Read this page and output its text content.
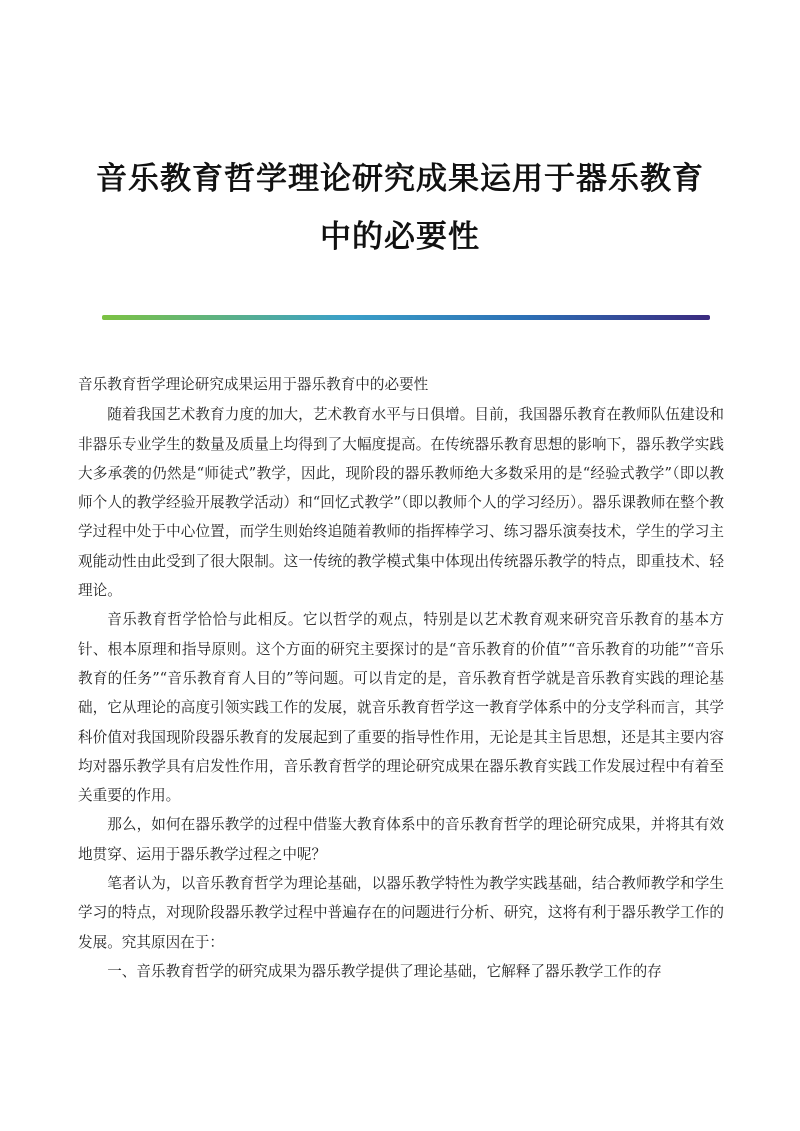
音乐教育哲学理论研究成果运用于器乐教育

中的必要性

音乐教育哲学理论研究成果运用于器乐教育中的必要性

随着我国艺术教育力度的加大，艺术教育水平与日俱增。目前，我国器乐教育在教师队伍建设和非器乐专业学生的数量及质量上均得到了大幅度提高。在传统器乐教育思想的影响下，器乐教学实践大多承袭的仍然是“师徒式”教学，因此，现阶段的器乐教师绝大多数采用的是“经验式教学”（即以教师个人的教学经验开展教学活动）和“回忆式教学”（即以教师个人的学习经历）。器乐课教师在整个教学过程中处于中心位置，而学生则始终追随着教师的指挥棒学习、练习器乐演奏技术，学生的学习主观能动性由此受到了很大限制。这一传统的教学模式集中体现出传统器乐教学的特点，即重技术、轻理论。

音乐教育哲学恰恰与此相反。它以哲学的观点，特别是以艺术教育观来研究音乐教育的基本方针、根本原理和指导原则。这个方面的研究主要探讨的是“音乐教育的价值”“音乐教育的功能”“音乐教育的任务”“音乐教育育人目的”等问题。可以肯定的是，音乐教育哲学就是音乐教育实践的理论基础，它从理论的高度引领实践工作的发展，就音乐教育哲学这一教育学体系中的分支学科而言，其学科价值对我国现阶段器乐教育的发展起到了重要的指导性作用，无论是其主旨思想，还是其主要内容均对器乐教学具有启发性作用，音乐教育哲学的理论研究成果在器乐教育实践工作发展过程中有着至关重要的作用。

那么，如何在器乐教学的过程中借鉴大教育体系中的音乐教育哲学的理论研究成果，并将其有效地贯穿、运用于器乐教学过程之中呢？

笔者认为，以音乐教育哲学为理论基础，以器乐教学特性为教学实践基础，结合教师教学和学生学习的特点，对现阶段器乐教学过程中普遍存在的问题进行分析、研究，这将有利于器乐教学工作的发展。究其原因在于：

一、音乐教育哲学的研究成果为器乐教学提供了理论基础，它解释了器乐教学工作的存
